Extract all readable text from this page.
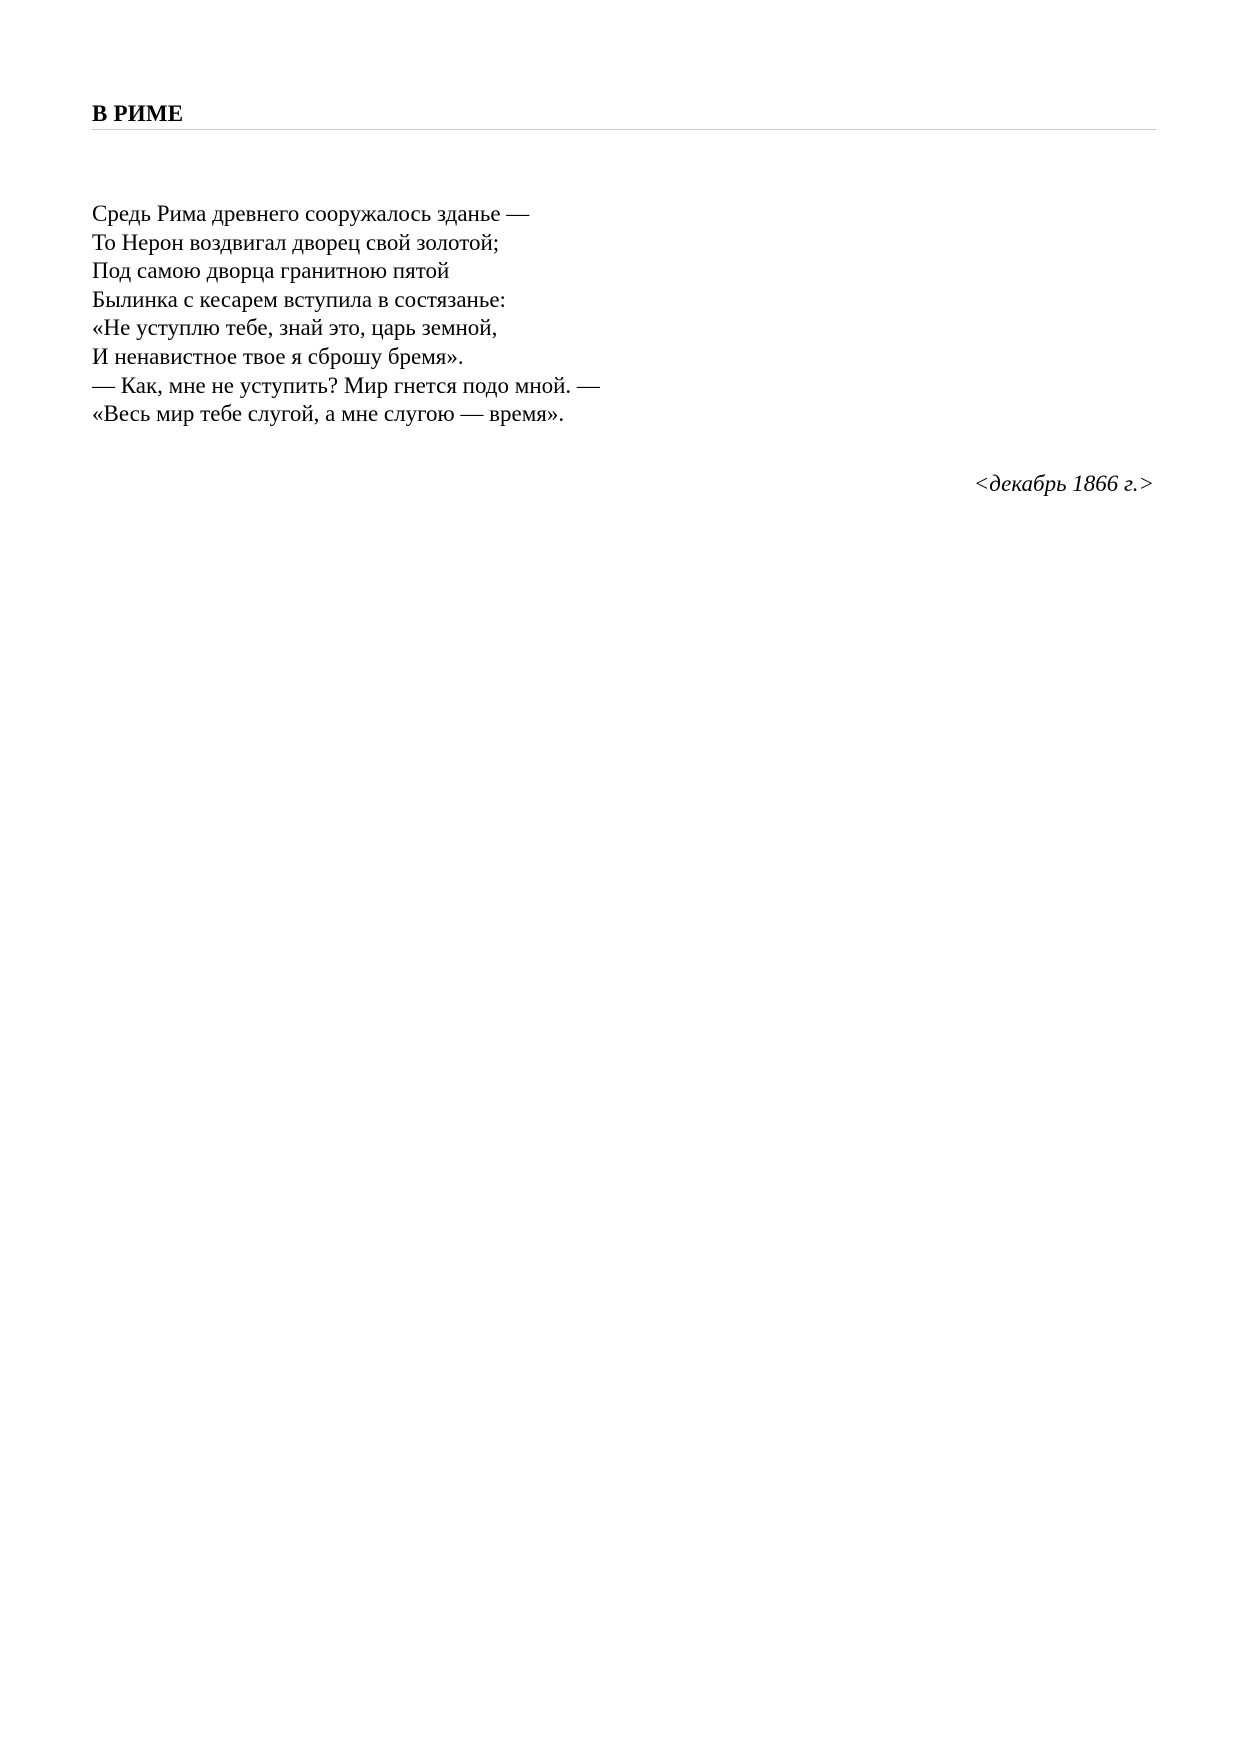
В РИМЕ
Средь Рима древнего сооружалось зданье —
То Нерон воздвигал дворец свой золотой;
Под самою дворца гранитною пятой
Былинка с кесарем вступила в состязанье:
«Не уступлю тебе, знай это, царь земной,
И ненавистное твое я сброшу бремя».
— Как, мне не уступить? Мир гнется подо мной. —
«Весь мир тебе слугой, а мне слугою — время».

<декабрь 1866 г.>
